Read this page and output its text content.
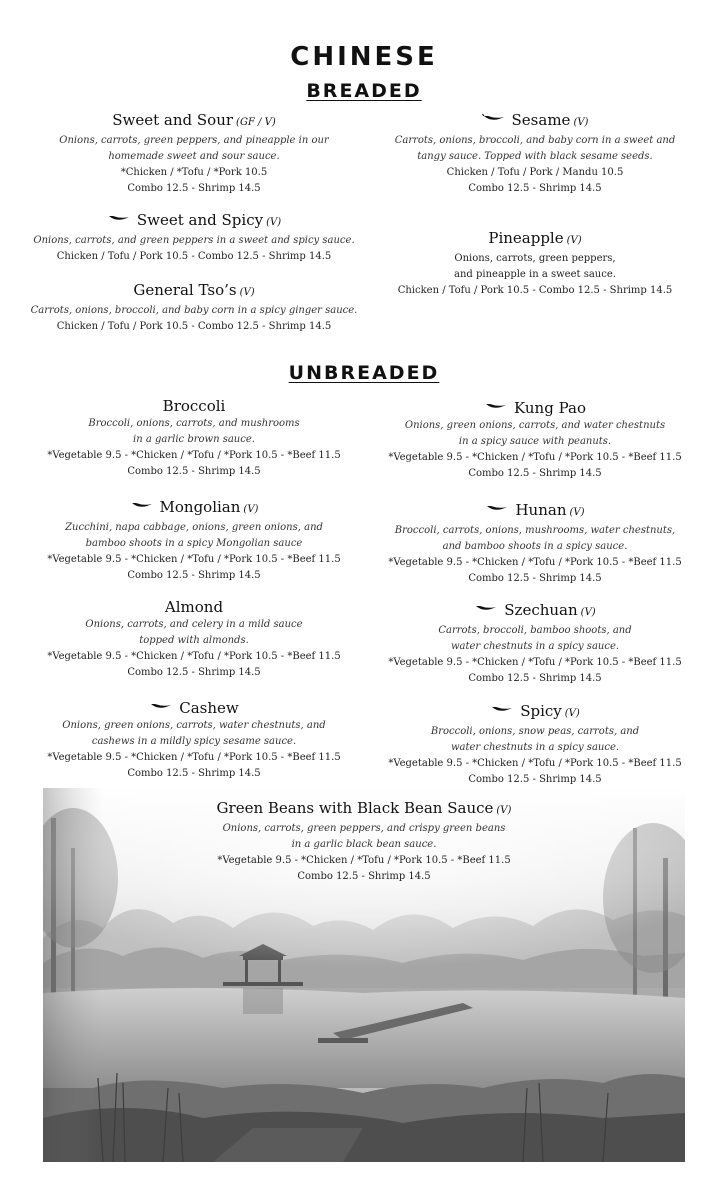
CHINESE
BREADED
UNBREADED
Sweet and Sour (GF / V)
Onions, carrots, green peppers, and pineapple in our
homemade sweet and sour sauce.
*Chicken / *Tofu / *Pork 10.5
Combo 12.5 - Shrimp 14.5
Sesame (V)
Carrots, onions, broccoli, and baby corn in a sweet and
tangy sauce. Topped with black sesame seeds.
Chicken / Tofu / Pork / Mandu 10.5
Combo 12.5 - Shrimp 14.5
Sweet and Spicy (V)
Onions, carrots, and green peppers in a sweet and spicy sauce.
Chicken / Tofu / Pork 10.5 - Combo 12.5 - Shrimp 14.5
Pineapple (V)
Onions, carrots, green peppers,
and pineapple in a sweet sauce.
Chicken / Tofu / Pork 10.5 - Combo 12.5 - Shrimp 14.5
General Tso’s (V)
Carrots, onions, broccoli, and baby corn in a spicy ginger sauce.
Chicken / Tofu / Pork 10.5 - Combo 12.5 - Shrimp 14.5
Broccoli
Broccoli, onions, carrots, and mushrooms
in a garlic brown sauce.
*Vegetable 9.5 - *Chicken / *Tofu / *Pork 10.5 - *Beef 11.5
Combo 12.5 - Shrimp 14.5
Kung Pao
Onions, green onions, carrots, and water chestnuts
in a spicy sauce with peanuts.
*Vegetable 9.5 - *Chicken / *Tofu / *Pork 10.5 - *Beef 11.5
Combo 12.5 - Shrimp 14.5
Mongolian (V)
Zucchini, napa cabbage, onions, green onions, and
bamboo shoots in a spicy Mongolian sauce
*Vegetable 9.5 - *Chicken / *Tofu / *Pork 10.5 - *Beef 11.5
Combo 12.5 - Shrimp 14.5
Hunan (V)
Broccoli, carrots, onions, mushrooms, water chestnuts,
and bamboo shoots in a spicy sauce.
*Vegetable 9.5 - *Chicken / *Tofu / *Pork 10.5 - *Beef 11.5
Combo 12.5 - Shrimp 14.5
Almond
Onions, carrots, and celery in a mild sauce
topped with almonds.
*Vegetable 9.5 - *Chicken / *Tofu / *Pork 10.5 - *Beef 11.5
Combo 12.5 - Shrimp 14.5
Szechuan (V)
Carrots, broccoli, bamboo shoots, and
water chestnuts in a spicy sauce.
*Vegetable 9.5 - *Chicken / *Tofu / *Pork 10.5 - *Beef 11.5
Combo 12.5 - Shrimp 14.5
Cashew
Onions, green onions, carrots, water chestnuts, and
cashews in a mildly spicy sesame sauce.
*Vegetable 9.5 - *Chicken / *Tofu / *Pork 10.5 - *Beef 11.5
Combo 12.5 - Shrimp 14.5
Spicy (V)
Broccoli, onions, snow peas, carrots, and
water chestnuts in a spicy sauce.
*Vegetable 9.5 - *Chicken / *Tofu / *Pork 10.5 - *Beef 11.5
Combo 12.5 - Shrimp 14.5
Green Beans with Black Bean Sauce (V)
Onions, carrots, green peppers, and crispy green beans
in a garlic black bean sauce.
*Vegetable 9.5 - *Chicken / *Tofu / *Pork 10.5 - *Beef 11.5
Combo 12.5 - Shrimp 14.5
